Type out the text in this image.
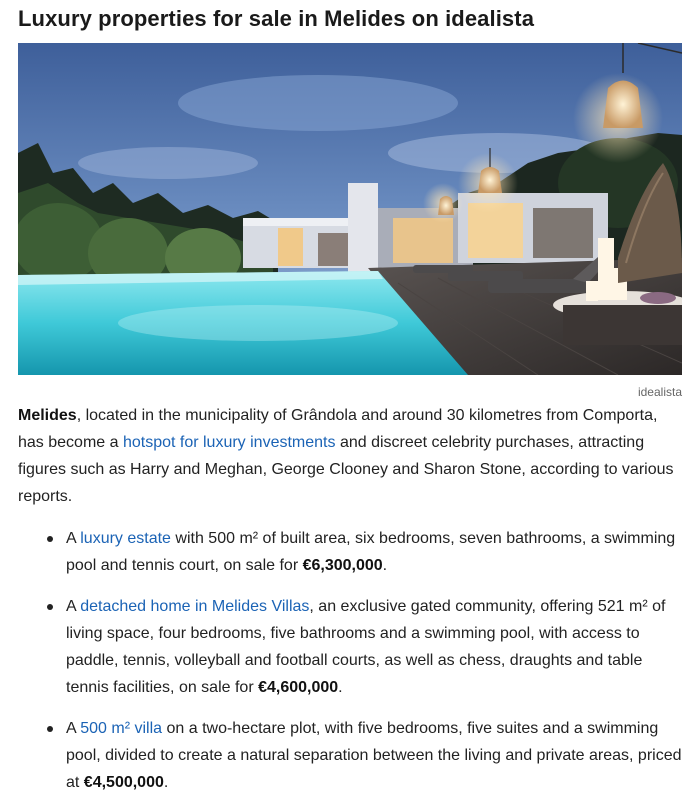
Luxury properties for sale in Melides on idealista
idealista

Melides, located in the municipality of Grândola and around 30 kilometres from Comporta, has become a hotspot for luxury investments and discreet celebrity purchases, attracting figures such as Harry and Meghan, George Clooney and Sharon Stone, according to various reports.

A luxury estate with 500 m² of built area, six bedrooms, seven bathrooms, a swimming pool and tennis court, on sale for €6,300,000.
A detached home in Melides Villas, an exclusive gated community, offering 521 m² of living space, four bedrooms, five bathrooms and a swimming pool, with access to paddle, tennis, volleyball and football courts, as well as chess, draughts and table tennis facilities, on sale for €4,600,000.
A 500 m² villa on a two-hectare plot, with five bedrooms, five suites and a swimming pool, divided to create a natural separation between the living and private areas, priced at €4,500,000.
